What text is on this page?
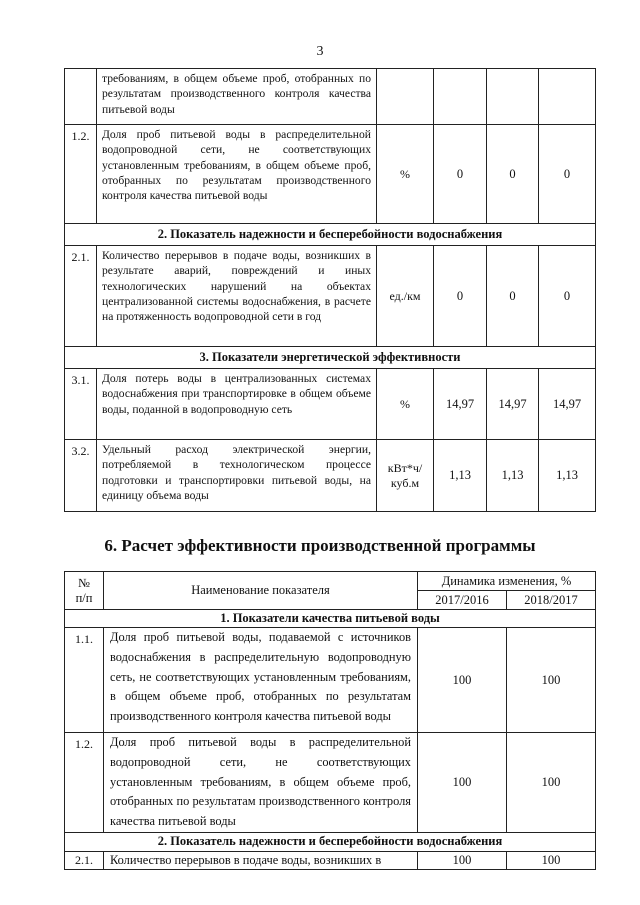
3
	требованиям, в общем объеме проб, отобранных по результатам производственного контроля качества питьевой воды				
1.2.	Доля проб питьевой воды в распределительной водопроводной сети, не соответствующих установленным требованиям, в общем объеме проб, отобранных по результатам производственного контроля качества питьевой воды	%	0	0	0
2. Показатель надежности и бесперебойности водоснабжения					
2.1.	Количество перерывов в подаче воды, возникших в результате аварий, повреждений и иных технологических нарушений на объектах централизованной системы водоснабжения, в расчете на протяженность водопроводной сети в год	ед./км	0	0	0
3. Показатели энергетической эффективности					
3.1.	Доля потерь воды в централизованных системах водоснабжения при транспортировке в общем объеме воды, поданной в водопроводную сеть	%	14,97	14,97	14,97
3.2.	Удельный расход электрической энергии, потребляемой в технологическом процессе подготовки и транспортировки питьевой воды, на единицу объема воды	кВт*ч/ куб.м	1,13	1,13	1,13
6. Расчет эффективности производственной программы
№
п/п	Наименование показателя	Динамика изменения, %	
		2017/2016	2018/2017
1. Показатели качества питьевой воды			
1.1.	Доля проб питьевой воды, подаваемой с источников водоснабжения в распределительную водопроводную сеть, не соответствующих установленным требованиям, в общем объеме проб, отобранных по результатам производственного контроля качества питьевой воды	100	100
1.2.	Доля проб питьевой воды в распределительной водопроводной сети, не соответствующих установленным требованиям, в общем объеме проб, отобранных по результатам производственного контроля качества питьевой воды	100	100
2. Показатель надежности и бесперебойности водоснабжения			
2.1.	Количество перерывов в подаче воды, возникших в	100	100
